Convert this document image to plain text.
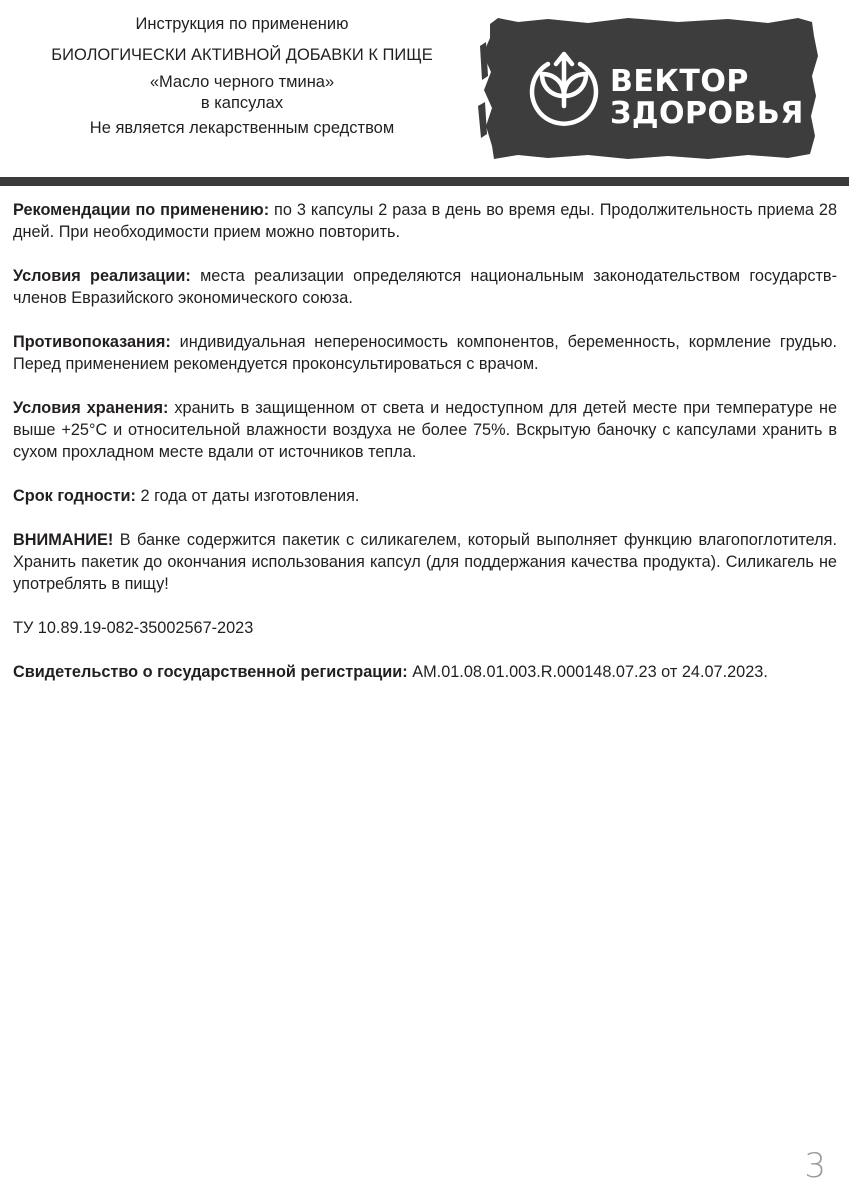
Инструкция по применению
БИОЛОГИЧЕСКИ АКТИВНОЙ ДОБАВКИ К ПИЩЕ
«Масло черного тмина»
в капсулах
Не является лекарственным средством
ВЕКТОР
ЗДОРОВЬЯ

Рекомендации по применению: по 3 капсулы 2 раза в день во время еды. Продолжительность приема 28 дней. При необходимости прием можно повторить.

Условия реализации: места реализации определяются национальным законодательством государств-членов Евразийского экономического союза.

Противопоказания: индивидуальная непереносимость компонентов, беременность, кормление грудью. Перед применением рекомендуется проконсультироваться с врачом.

Условия хранения: хранить в защищенном от света и недоступном для детей месте при температуре не выше +25°С и относительной влажности воздуха не более 75%. Вскрытую баночку с капсулами хранить в сухом прохладном месте вдали от источников тепла.

Срок годности: 2 года от даты изготовления.

ВНИМАНИЕ! В банке содержится пакетик с силикагелем, который выполняет функцию влагопоглотителя. Хранить пакетик до окончания использования капсул (для поддержания качества продукта). Силикагель не употреблять в пищу!

ТУ 10.89.19-082-35002567-2023

Свидетельство о государственной регистрации: AM.01.08.01.003.R.000148.07.23 от 24.07.2023.

3
